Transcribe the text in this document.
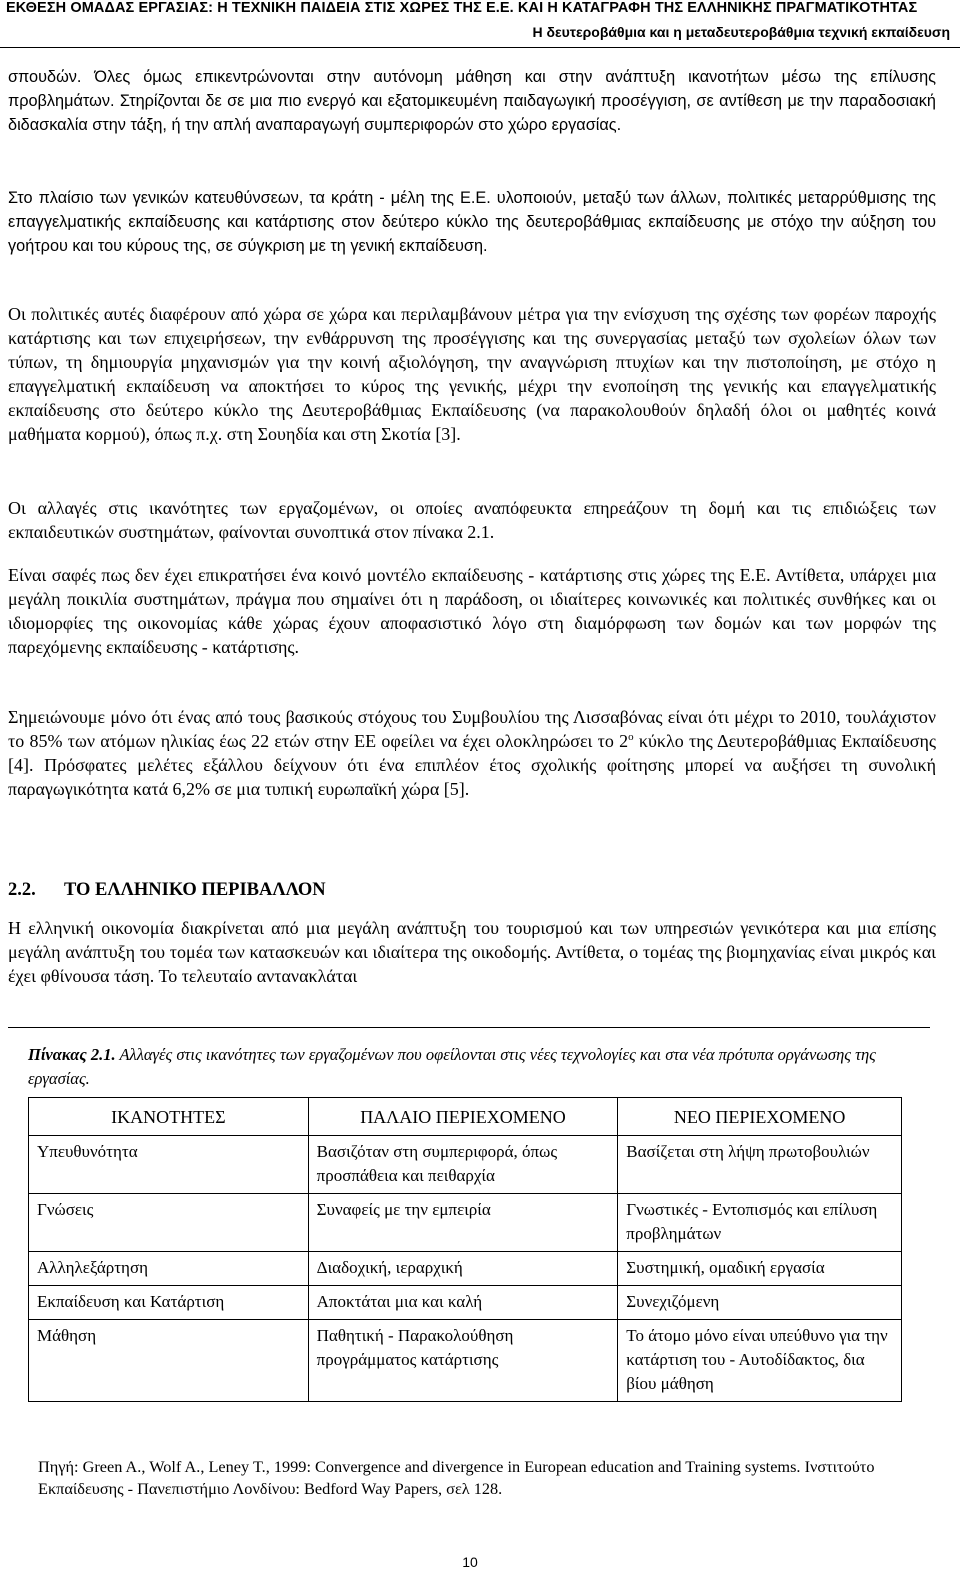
ΕΚΘΕΣΗ ΟΜΑΔΑΣ ΕΡΓΑΣΙΑΣ: Η ΤΕΧΝΙΚΗ ΠΑΙΔΕΙΑ ΣΤΙΣ ΧΩΡΕΣ ΤΗΣ Ε.Ε. ΚΑΙ Η ΚΑΤΑΓΡΑΦΗ ΤΗΣ ΕΛΛΗΝΙΚΗΣ ΠΡΑΓΜΑΤΙΚΟΤΗΤΑΣ
Η δευτεροβάθμια και η μεταδευτεροβάθμια τεχνική εκπαίδευση
σπουδών. Όλες όμως επικεντρώνονται στην αυτόνομη μάθηση και στην ανάπτυξη ικανοτήτων μέσω της επίλυσης προβλημάτων. Στηρίζονται δε σε μια πιο ενεργό και εξατομικευμένη παιδαγωγική προσέγγιση, σε αντίθεση με την παραδοσιακή διδασκαλία στην τάξη, ή την απλή αναπαραγωγή συμπεριφορών στο χώρο εργασίας.
Στο πλαίσιο των γενικών κατευθύνσεων, τα κράτη - μέλη της Ε.Ε. υλοποιούν, μεταξύ των άλλων, πολιτικές μεταρρύθμισης της επαγγελματικής εκπαίδευσης και κατάρτισης στον δεύτερο κύκλο της δευτεροβάθμιας εκπαίδευσης με στόχο την αύξηση του γοήτρου και του κύρους της, σε σύγκριση με τη γενική εκπαίδευση.
Οι πολιτικές αυτές διαφέρουν από χώρα σε χώρα και περιλαμβάνουν μέτρα για την ενίσχυση της σχέσης των φορέων παροχής κατάρτισης και των επιχειρήσεων, την ενθάρρυνση της προσέγγισης και της συνεργασίας μεταξύ των σχολείων όλων των τύπων, τη δημιουργία μηχανισμών για την κοινή αξιολόγηση, την αναγνώριση πτυχίων και την πιστοποίηση, με στόχο η επαγγελματική εκπαίδευση να αποκτήσει το κύρος της γενικής, μέχρι την ενοποίηση της γενικής και επαγγελματικής εκπαίδευσης στο δεύτερο κύκλο της Δευτεροβάθμιας Εκπαίδευσης (να παρακολουθούν δηλαδή όλοι οι μαθητές κοινά μαθήματα κορμού), όπως π.χ. στη Σουηδία και στη Σκοτία [3].
Οι αλλαγές στις ικανότητες των εργαζομένων, οι οποίες αναπόφευκτα επηρεάζουν τη δομή και τις επιδιώξεις των εκπαιδευτικών συστημάτων, φαίνονται συνοπτικά στον πίνακα 2.1.
Είναι σαφές πως δεν έχει επικρατήσει ένα κοινό μοντέλο εκπαίδευσης - κατάρτισης στις χώρες της Ε.Ε. Αντίθετα, υπάρχει μια μεγάλη ποικιλία συστημάτων, πράγμα που σημαίνει ότι η παράδοση, οι ιδιαίτερες κοινωνικές και πολιτικές συνθήκες και οι ιδιομορφίες της οικονομίας κάθε χώρας έχουν αποφασιστικό λόγο στη διαμόρφωση των δομών και των μορφών της παρεχόμενης εκπαίδευσης - κατάρτισης.
Σημειώνουμε μόνο ότι ένας από τους βασικούς στόχους του Συμβουλίου της Λισσαβόνας είναι ότι μέχρι το 2010, τουλάχιστον το 85% των ατόμων ηλικίας έως 22 ετών στην ΕΕ οφείλει να έχει ολοκληρώσει το $2^o$ κύκλο της Δευτεροβάθμιας Εκπαίδευσης [4]. Πρόσφατες μελέτες εξάλλου δείχνουν ότι ένα επιπλέον έτος σχολικής φοίτησης μπορεί να αυξήσει τη συνολική παραγωγικότητα κατά 6,2% σε μια τυπική ευρωπαϊκή χώρα [5].
2.2. ΤΟ ΕΛΛΗΝΙΚΟ ΠΕΡΙΒΑΛΛΟΝ
Η ελληνική οικονομία διακρίνεται από μια μεγάλη ανάπτυξη του τουρισμού και των υπηρεσιών γενικότερα και μια επίσης μεγάλη ανάπτυξη του τομέα των κατασκευών και ιδιαίτερα της οικοδομής. Αντίθετα, ο τομέας της βιομηχανίας είναι μικρός και έχει φθίνουσα τάση. Το τελευταίο αντανακλάται
Πίνακας 2.1. Αλλαγές στις ικανότητες των εργαζομένων που οφείλονται στις νέες τεχνολογίες και στα νέα πρότυπα οργάνωσης της εργασίας.
ΙΚΑΝΟΤΗΤΕΣ	ΠΑΛΑΙΟ ΠΕΡΙΕΧΟΜΕΝΟ	ΝΕΟ ΠΕΡΙΕΧΟΜΕΝΟ
Υπευθυνότητα	Βασιζόταν στη συμπεριφορά, όπως προσπάθεια και πειθαρχία	Βασίζεται στη λήψη πρωτοβουλιών
Γνώσεις	Συναφείς με την εμπειρία	Γνωστικές - Εντοπισμός και επίλυση προβλημάτων
Αλληλεξάρτηση	Διαδοχική, ιεραρχική	Συστημική, ομαδική εργασία
Εκπαίδευση και Κατάρτιση	Αποκτάται μια και καλή	Συνεχιζόμενη
Μάθηση	Παθητική - Παρακολούθηση προγράμματος κατάρτισης	Το άτομο μόνο είναι υπεύθυνο για την κατάρτιση του - Αυτοδίδακτος, δια βίου μάθηση
Πηγή: Green A., Wolf A., Leney T., 1999: Convergence and divergence in European education and Training systems. Ινστιτούτο Εκπαίδευσης - Πανεπιστήμιο Λονδίνου: Bedford Way Papers, σελ 128.
10
